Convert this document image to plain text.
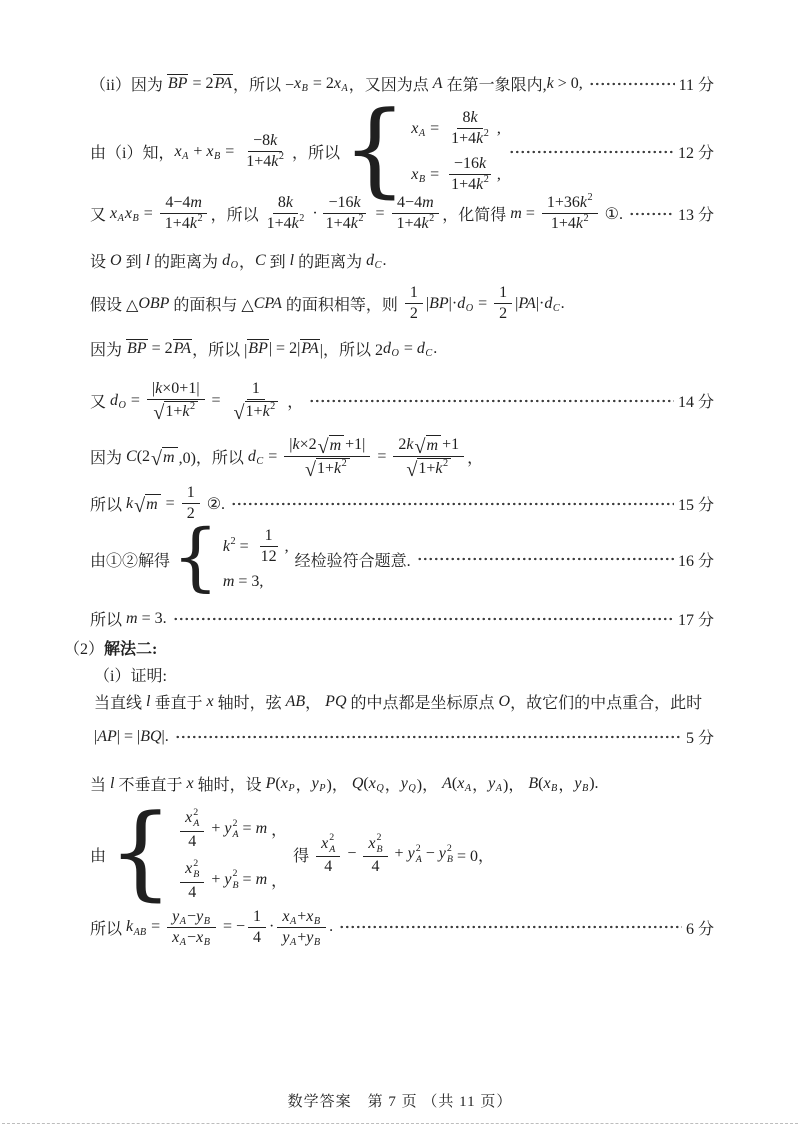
（ii）因为 BP = 2 PA ，所以 − x B = 2 x A ，又因为点 A 在第一象限内, k > 0,	11 分
由（i）知， x A + x $B = \frac{-8 k}{1+4 k 2}$ ，所以
{ x $A = \frac{8 k}{1+4 k 2}$ ,
x $B = \frac{-16 k}{1+4 k 2}$ ,
12 分
又 x A x $B = \frac{4-4 m}{1+4 k 2}$ ，所以 $\frac{8 k}{1+4 k 2} \cdot \frac{-16 k}{1+4 k 2} = \frac{4-4 m}{1+4 k 2}$ ，化简得 $m = \frac{1+36 k 2}{1+4 k 2}$ ①.	13 分
设 O 到 l 的距离为 d O ， C 到 l 的距离为 d C .
假设 △ OBP 的面积与 △ CPA 的面积相等，则 $\frac{1}{2}$ | BP |· d $O = \frac{1}{2}$ | PA |· d C .
因为 BP = 2 PA ，所以 | BP | = 2| PA |，所以 2 d O = d C .
又 d $O = \frac{| k \times 0+1|}{√ 1+ k 2} = \frac{1}{√ 1+ k 2}$ ，	14 分
因为 C (2 √ m ,0)，所以 d $C = \frac{| k \times 2 √ m +1|}{√ 1+ k 2} = \frac{2 k √ m +1}{√ 1+ k 2}$ ，
所以 k √ $m = \frac{1}{2}$ ②.	15 分
由①②解得
{ k $2 = \frac{1}{12}$ ,
m = 3,
经检验符合题意.	16 分
所以 m = 3.	17 分
（2） 解法二:
（i）证明:
当直线 l 垂直于 x 轴时，弦 AB ， PQ 的中点都是坐标原点 O ，故它们的中点重合，此时
| AP | = | BQ |.	5 分
当 l 不垂直于 x 轴时，设 P ( x P ， y P )， Q ( x Q ， y Q )， A ( x A ， y A )， B ( x B ， y B ).
由
{ x 2
A
4 + y 2
A = m ，
x 2
B
4 + y 2
B = m ，
得 x 2
A
4 − x 2
B
4 + y 2
A − y 2
B = 0，
所以 k AB = $\frac{\text{y A − y B}}{\text{x A − x B}}$ = − $\frac{1}{4} \cdot \frac{\text{x A + x B}}{\text{y A + y B}}$ .	6 分
数学答案　第 7 页 （共 11 页）
